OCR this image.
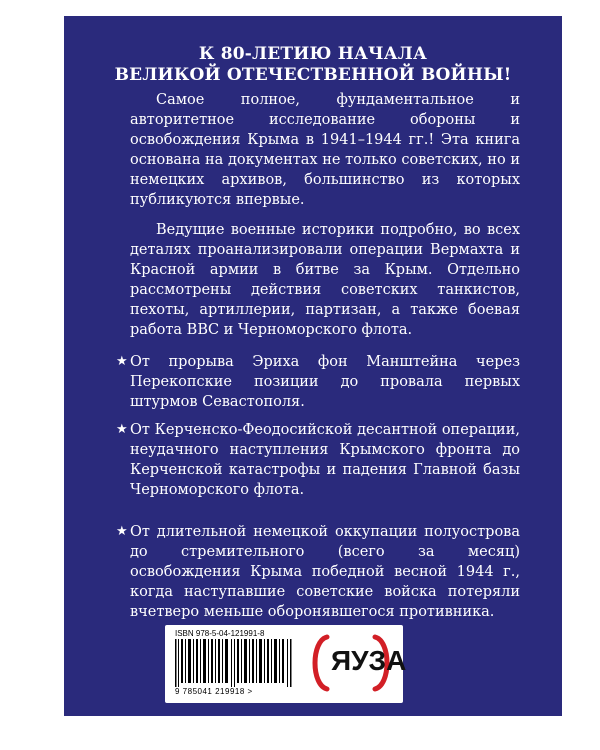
К 80-ЛЕТИЮ НАЧАЛА
ВЕЛИКОЙ ОТЕЧЕСТВЕННОЙ ВОЙНЫ!
Самое полное, фундаментальное и авторитетное исследование обороны и освобождения Крыма в 1941–1944 гг.! Эта книга основана на документах не только советских, но и немецких архивов, большинство из которых публикуются впервые.
Ведущие военные историки подробно, во всех деталях проанализировали операции Вермахта и Красной армии в битве за Крым. Отдельно рассмотрены действия советских танкистов, пехоты, артиллерии, партизан, а также боевая работа ВВС и Черноморского флота.
★ От прорыва Эриха фон Манштейна через Перекопские позиции до провала первых штурмов Севастополя.
★ От Керченско-Феодосийской десантной операции, неудачного наступления Крымского фронта до Керченской катастрофы и падения Главной базы Черноморского флота.
★ От длительной немецкой оккупации полуострова до стремительного (всего за месяц) освобождения Крыма победной весной 1944 г., когда наступавшие советские войска потеряли вчетверо меньше оборонявшегося противника.
ISBN 978-5-04-121991-8
9 785041 219918 >
ЯУЗА
